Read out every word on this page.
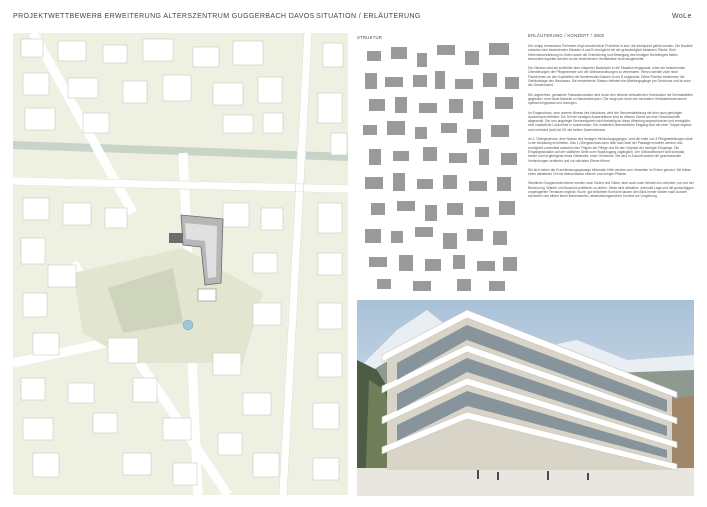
PROJEKTWETTBEWERB ERWEITERUNG ALTERSZENTRUM GUGGERBACH DAVOS SITUATION / ERLÄUTERUNG	WoLe
STRUKTUR	ERLÄUTERUNG / KONZEPT / IDEE

Der knapp bemessene Perimeter birgt verschiedene Probleme in sich, die streitpunkt gelöst werden. Die Baulinie zwischen den bestehenden Häusern A und B ermöglicht mit der grösstmöglich bebauten Fläche. Eine Höhenbeschränkung im Osten sowie die Orientierung und Bewegung des heutigen Wohnflügels bieten besondere Aspekte werden an die bestehenden Verhältnisse nicht ausgerichtet.

Der Neubau wird als schlichter aber eleganter Baukörper in die Situation eingepasst, einer der bestehenden Orientierungen der Pflegezimmer und der Wohnanordnungen zu verbessern. Hierzu werden zwei neue Flachformen an den Kopfseiten der bestehenden Bauten A und B aufgesetzt. Diese Flächen bestimmen die Gebäudelage des Neubaues. Die entstehende Distanz definiert die Abteilungsgänge pro Geschoss und ist auch der Geschossfuß.

Die angelehnte, gerasterte Fassadenstruktur wird durch den betonte umlaufenden Hochbalkon mit Schmalstellen gegliedert, eine diese Bauteile zu Bauwerkkörpern. Die sorgt sich durch die minimalen Gebäudedimensionen optimal eingepasst und homogen.

Im Erdgeschoss, dem unteren Niveau des Neubaues, wird die Seniorenabteilung mit dem dazu gehörigen Aussenraum definiert. Ein Teil der heutigen Aussenräume wird zu diesem Zweck als eine Geschosshülle abgesenkt. Der neu angelegte Seniorengarten wird dreiseitig an diese Abteilung angeschlossen und ermöglicht eine zusätzliche Lichtzufuhr in Aussenraum. Der zusätzlich übersichtliche Eingang wird mit einer Treppe ergänzt und verbindet (auf) mit OK die beiden Gartenniveaus.

Im 1. Obergeschoss, dem Niveau des heutigen Verbindungsganges, wird die erste von 3 Pflegeabteilungen ideal in die einwandig errichteten. Das 1.Obergeschoss kann über das Dach der Passage erweitert werden und ermöglicht zumindest zwischen den Flügeln der Pflege und für den Vorplatz der heutigen Eingänge. Die Eingangssituation auf der südlichen Seite zum Hauptzugang zugänglich. Der Gebäudekörper wird kompakt, betont und ist genügend eines Gebäudes, einer Gemeinde. Sie wird in Zukunft sowohl die geschossenen Verbindungen verbindet und zur nächsten Ebene führen.

Die sich neben der Erschliessungspassage bildenden Höfe werden zum Verweilen im Freien genutzt. Sie bieten einen attraktiven Ort mit überschaubar ebenen und ruhigen Plätzen.

Sämtliche Gruppenwohnräume werden nach Süden und Osten, aber auch nach Westen hin orientiert, um von der Besonnung, Wärme und Aussicht profitieren zu dürfen. Diese sind attraktive, sinnvolle Lage und mit grosszügigen vorgelagerten Terrassen ergänzt. Kurze, gut belichtete Korridore lassen den Blick immer wieder nach Aussen schweifen und bilden einen interessanten, abwechslungsreichen Kontext zur Umgebung.
